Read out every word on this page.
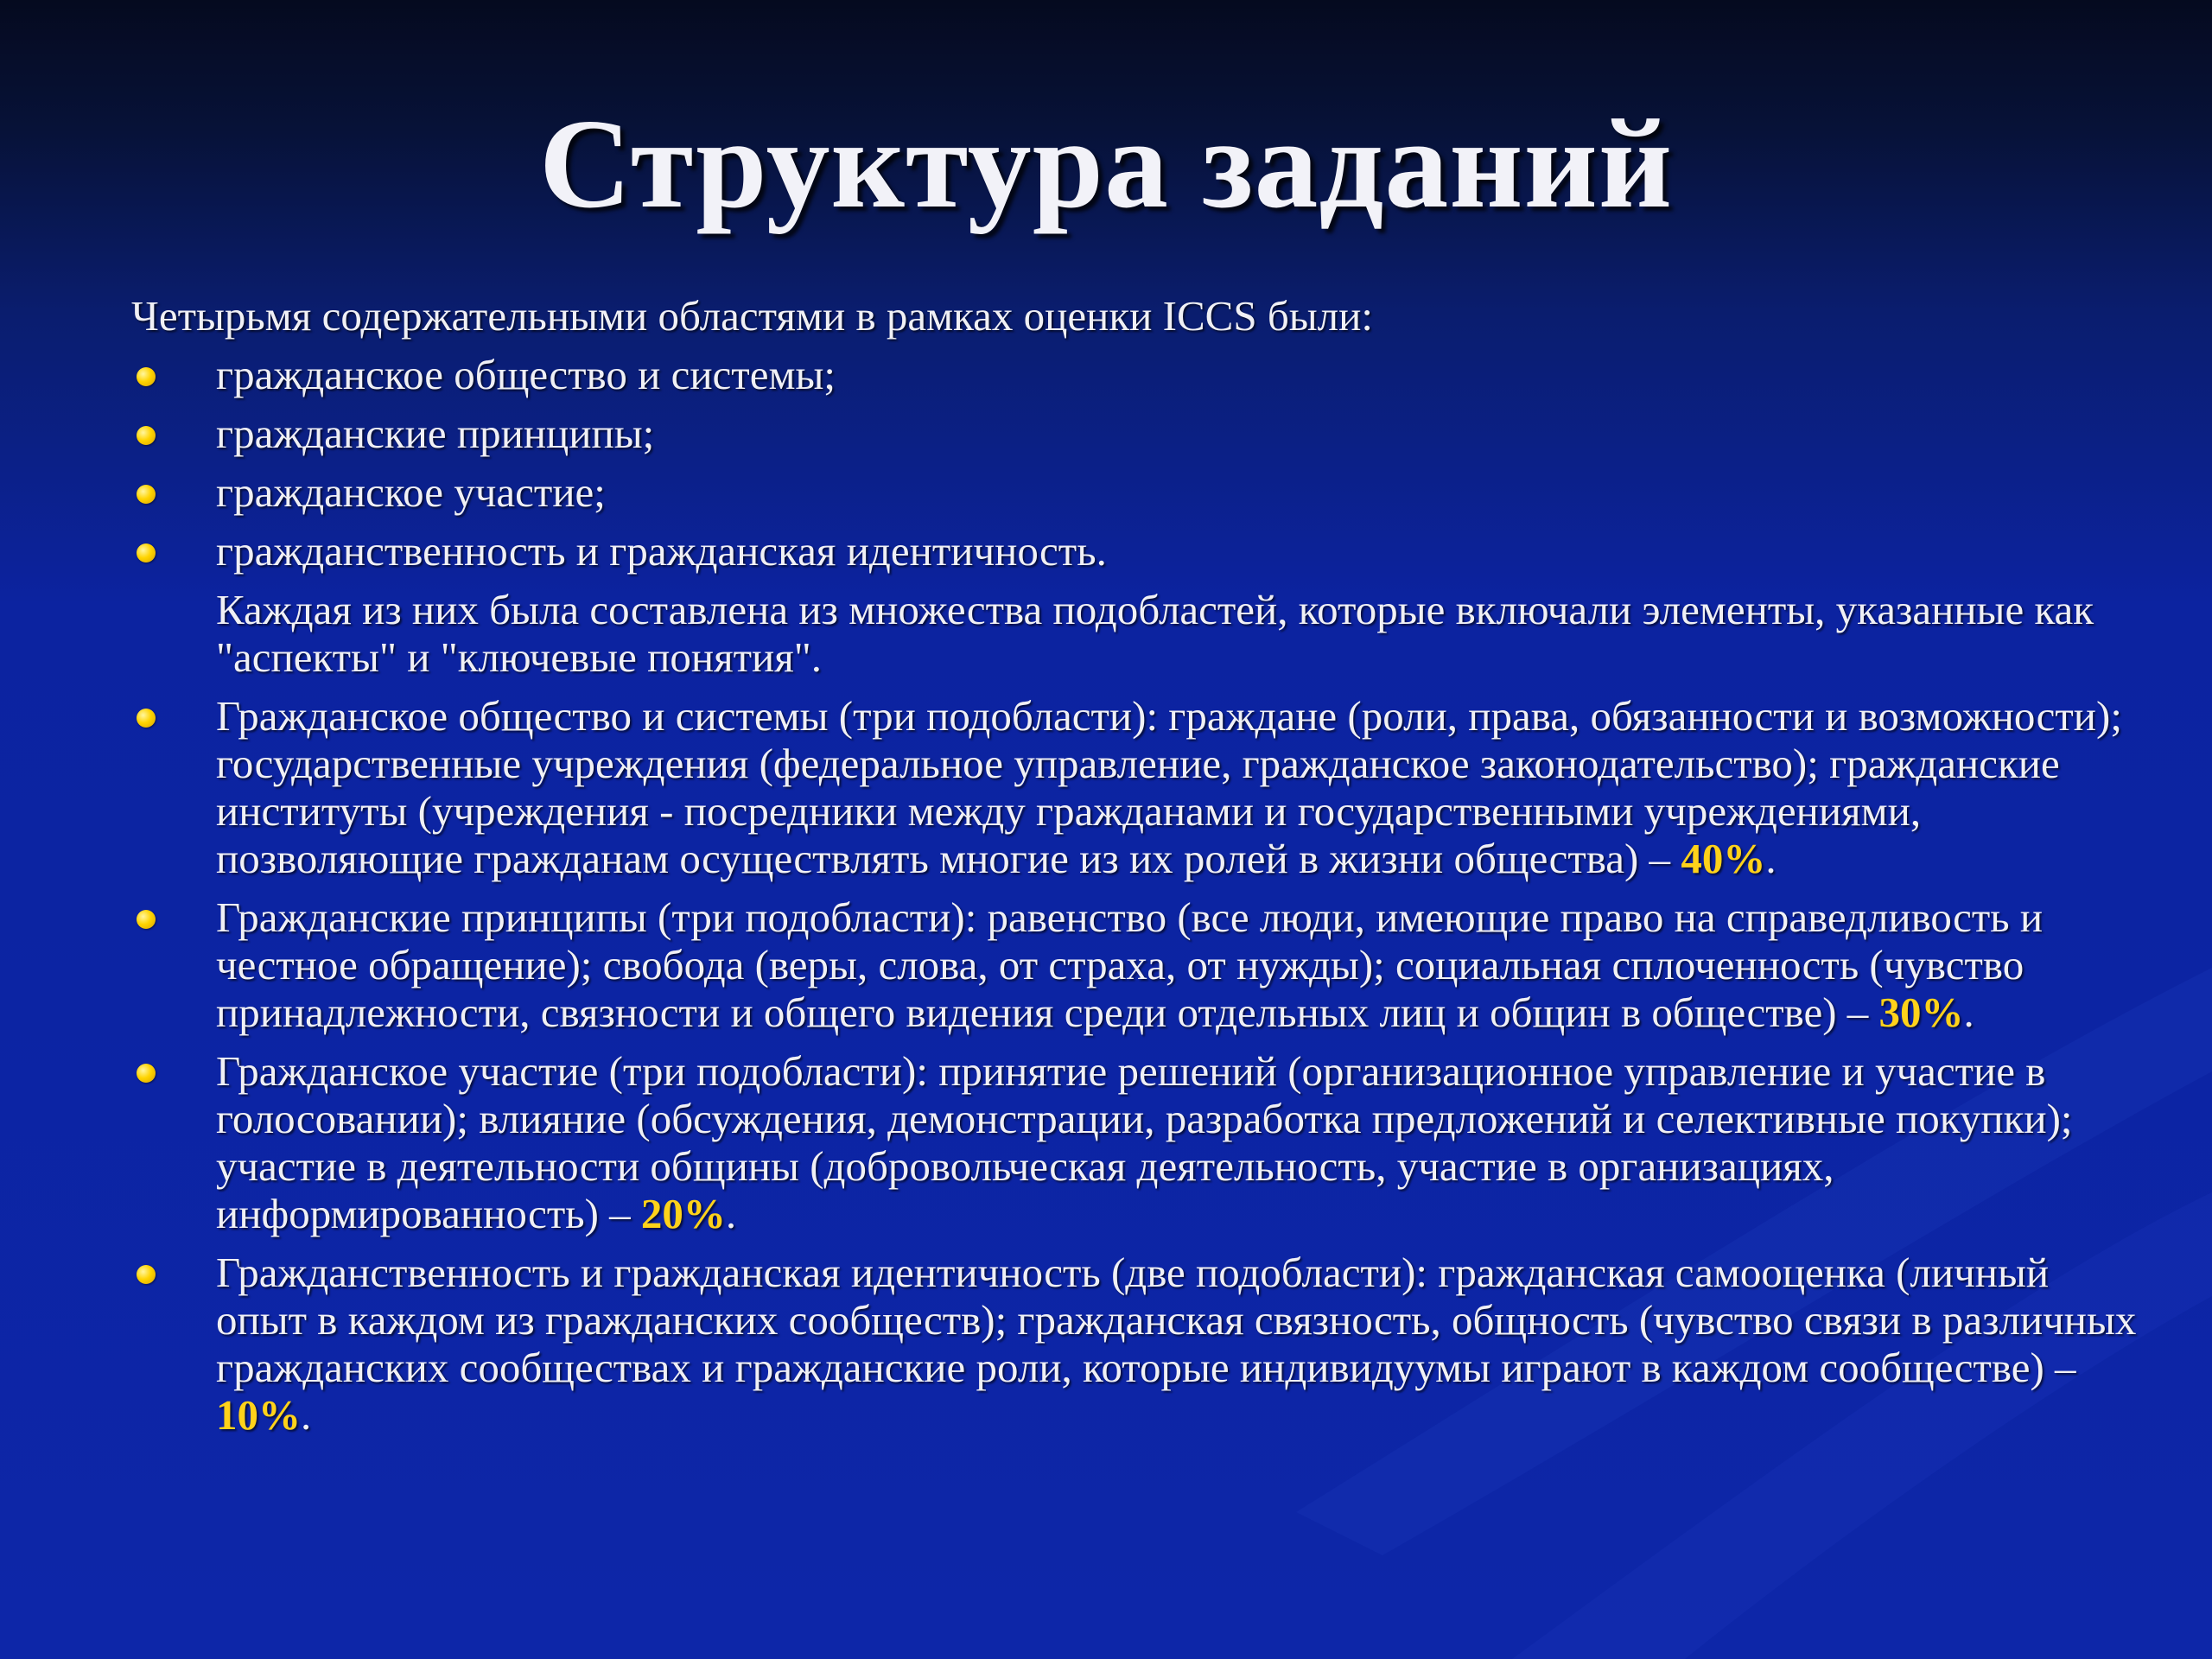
Структура заданий

Четырьмя содержательными областями в рамках оценки ICCS были:

гражданское общество и системы;
гражданские принципы;
гражданское участие;
гражданственность и гражданская идентичность.

Каждая из них была составлена из множества подобластей, которые включали элементы, указанные как "аспекты" и "ключевые понятия".

Гражданское общество и системы (три подобласти): граждане (роли, права, обязанности и возможности); государственные учреждения (федеральное управление, гражданское законодательство); гражданские институты (учреждения - посредники между гражданами и государственными учреждениями, позволяющие гражданам осуществлять многие из их ролей в жизни общества) – 40%.
Гражданские принципы (три подобласти): равенство (все люди, имеющие право на справедливость и честное обращение); свобода (веры, слова, от страха, от нужды); социальная сплоченность (чувство принадлежности, связности и общего видения среди отдельных лиц и общин в обществе) – 30%.
Гражданское участие (три подобласти): принятие решений (организационное управление и участие в голосовании); влияние (обсуждения, демонстрации, разработка предложений и селективные покупки); участие в деятельности общины (добровольческая деятельность, участие в организациях, информированность) – 20%.
Гражданственность и гражданская идентичность (две подобласти): гражданская самооценка (личный опыт в каждом из гражданских сообществ); гражданская связность, общность (чувство связи в различных гражданских сообществах и гражданские роли, которые индивидуумы играют в каждом сообществе) – 10%.
